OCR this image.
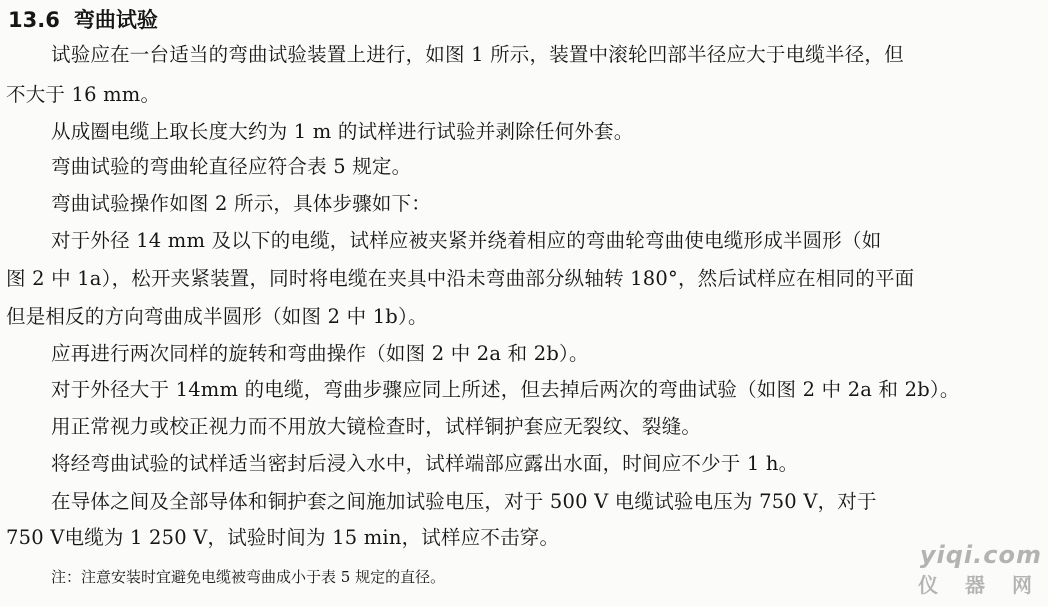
13.6 弯曲试验
试验应在一台适当的弯曲试验装置上进行，如图 1 所示，装置中滚轮凹部半径应大于电缆半径，但
不大于 16 mm。
从成圈电缆上取长度大约为 1 m 的试样进行试验并剥除任何外套。
弯曲试验的弯曲轮直径应符合表 5 规定。
弯曲试验操作如图 2 所示，具体步骤如下：
对于外径 14 mm 及以下的电缆，试样应被夹紧并绕着相应的弯曲轮弯曲使电缆形成半圆形（如
图 2 中 1a），松开夹紧装置，同时将电缆在夹具中沿未弯曲部分纵轴转 180°，然后试样应在相同的平面
但是相反的方向弯曲成半圆形（如图 2 中 1b）。
应再进行两次同样的旋转和弯曲操作（如图 2 中 2a 和 2b）。
对于外径大于 14mm 的电缆，弯曲步骤应同上所述，但去掉后两次的弯曲试验（如图 2 中 2a 和 2b）。
用正常视力或校正视力而不用放大镜检查时，试样铜护套应无裂纹、裂缝。
将经弯曲试验的试样适当密封后浸入水中，试样端部应露出水面，时间应不少于 1 h。
在导体之间及全部导体和铜护套之间施加试验电压，对于 500 V 电缆试验电压为 750 V，对于
750 V电缆为 1 250 V，试验时间为 15 min，试样应不击穿。
注：注意安装时宜避免电缆被弯曲成小于表 5 规定的直径。
yiqi.com
仪 器 网
